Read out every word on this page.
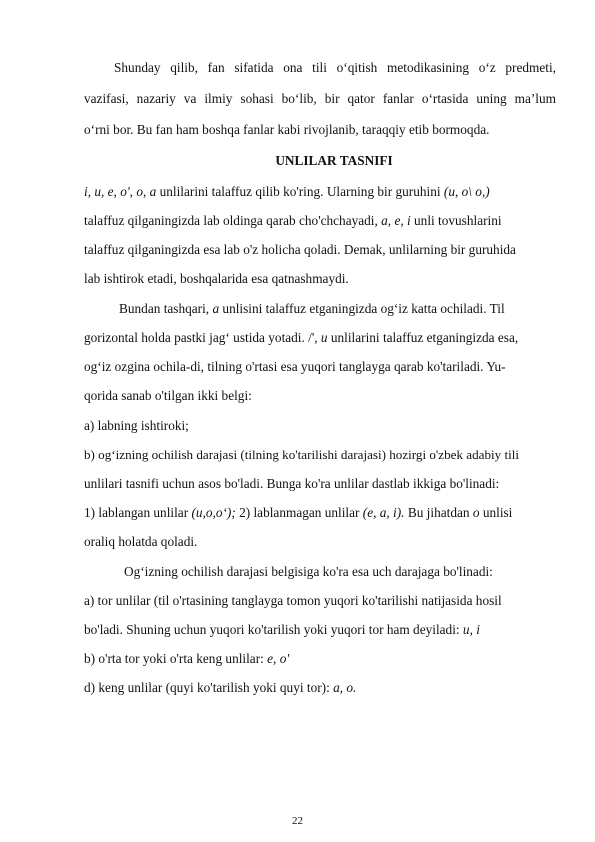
Shunday qilib, fan sifatida ona tili o‘qitish metodikasining o‘z predmeti,
vazifasi, nazariy va ilmiy sohasi bo‘lib, bir qator fanlar o‘rtasida uning ma’lum
o‘rni bor. Bu fan ham boshqa fanlar kabi rivojlanib, taraqqiy etib bormoqda.
UNLILAR TASNIFI
i, u, e, o', o, a unlilarini talaffuz qilib ko'ring. Ularning bir guruhini (u, o\ o,)
talaffuz qilganingizda lab oldinga qarab cho'chchayadi, a, e, i unli tovushlarini
talaffuz qilganingizda esa lab o'z holicha qoladi. Demak, unlilarning bir guruhida
lab ishtirok etadi, boshqalarida esa qatnashmaydi.
Bundan tashqari, a unlisini talaffuz etganingizda og‘iz katta ochiladi. Til
gorizontal holda pastki jag‘ ustida yotadi. /', u unlilarini talaffuz etganingizda esa,
og‘iz ozgina ochila-di, tilning o'rtasi esa yuqori tanglayga qarab ko'tariladi. Yu-
qorida sanab o'tilgan ikki belgi:
a) labning ishtiroki;
b) og‘izning ochilish darajasi (tilning ko'tarilishi darajasi) hozirgi o'zbek adabiy tili
unlilari tasnifi uchun asos bo'ladi. Bunga ko'ra unlilar dastlab ikkiga bo'linadi:
1) lablangan unlilar (u,o,o‘); 2) lablanmagan unlilar (e, a, i). Bu jihatdan o unlisi
oraliq holatda qoladi.
Og‘izning ochilish darajasi belgisiga ko'ra esa uch darajaga bo'linadi:
a) tor unlilar (til o'rtasining tanglayga tomon yuqori ko'tarilishi natijasida hosil
bo'ladi. Shuning uchun yuqori ko'tarilish yoki yuqori tor ham deyiladi: u, i
b) o'rta tor yoki o'rta keng unlilar: e, o'
d) keng unlilar (quyi ko'tarilish yoki quyi tor): a, o.
22
